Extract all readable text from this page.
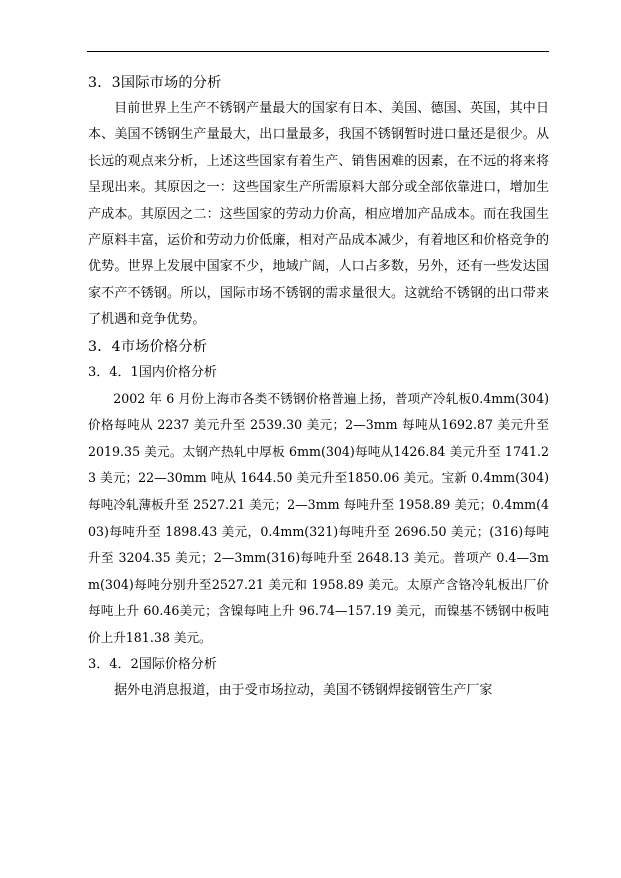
3．3国际市场的分析

目前世界上生产不锈钢产量最大的国家有日本、美国、德国、英国，其中日本、美国不锈钢生产量最大，出口量最多，我国不锈钢暂时进口量还是很少。从长远的观点来分析，上述这些国家有着生产、销售困难的因素，在不远的将来将呈现出来。其原因之一：这些国家生产所需原料大部分或全部依靠进口，增加生产成本。其原因之二：这些国家的劳动力价高，相应增加产品成本。而在我国生产原料丰富，运价和劳动力价低廉，相对产品成本减少，有着地区和价格竞争的优势。世界上发展中国家不少，地域广阔，人口占多数，另外，还有一些发达国家不产不锈钢。所以，国际市场不锈钢的需求量很大。这就给不锈钢的出口带来了机遇和竞争优势。

3．4市场价格分析
3．4．1国内价格分析

2002 年 6 月份上海市各类不锈钢价格普遍上扬，普项产冷轧板0.4mm(304)价格每吨从 2237 美元升至 2539.30 美元；2—3mm 每吨从1692.87 美元升至 2019.35 美元。太钢产热轧中厚板 6mm(304)每吨从1426.84 美元升至 1741.23 美元；22—30mm 吨从 1644.50 美元升至1850.06 美元。宝新 0.4mm(304)每吨冷轧薄板升至 2527.21 美元；2—3mm 每吨升至 1958.89 美元；0.4mm(403)每吨升至 1898.43 美元，0.4mm(321)每吨升至 2696.50 美元；(316)每吨升至 3204.35 美元；2—3mm(316)每吨升至 2648.13 美元。普项产 0.4—3mm(304)每吨分别升至2527.21 美元和 1958.89 美元。太原产含铬冷轧板出厂价每吨上升 60.46美元；含镍每吨上升 96.74—157.19 美元，而镍基不锈钢中板吨价上升181.38 美元。

3．4．2国际价格分析

据外电消息报道，由于受市场拉动，美国不锈钢焊接钢管生产厂家
